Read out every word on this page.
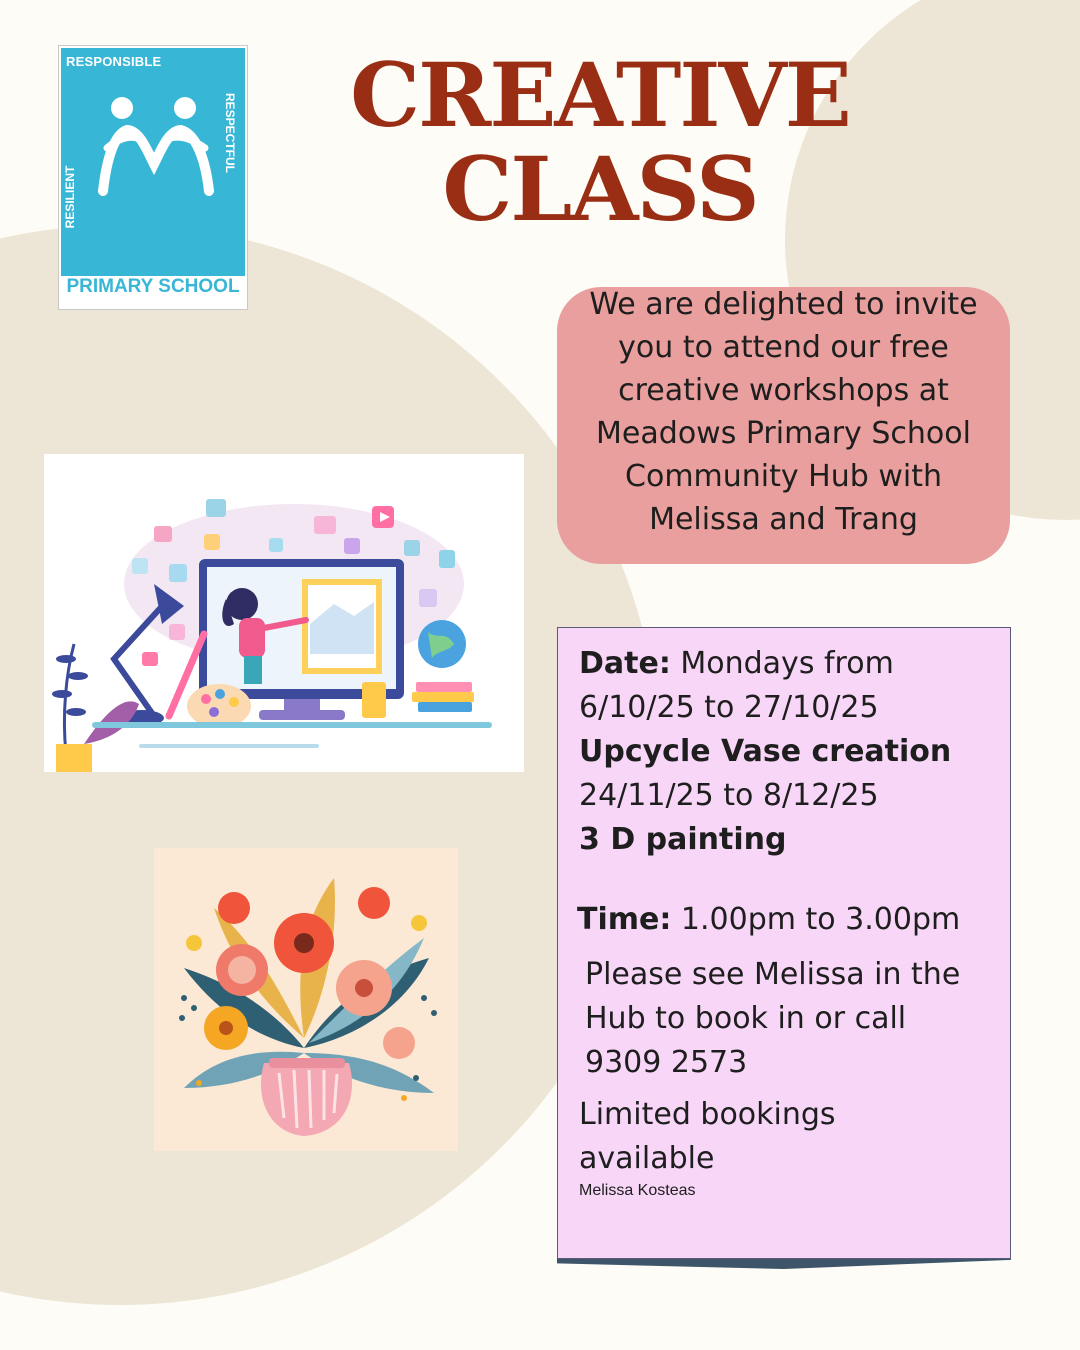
RESPONSIBLE
RESPECTFUL
RESILIENT
MEADOWS
PRIMARY SCHOOL
CREATIVE
CLASS
We are delighted to invite
you to attend our free
creative workshops at
Meadows Primary School
Community Hub with
Melissa and Trang
Date: Mondays from
6/10/25 to 27/10/25
Upcycle Vase creation
24/11/25 to 8/12/25
3 D painting
Time: 1.00pm to 3.00pm
Please see Melissa in the
Hub to book in or call
9309 2573
Limited bookings
available
Melissa Kosteas
